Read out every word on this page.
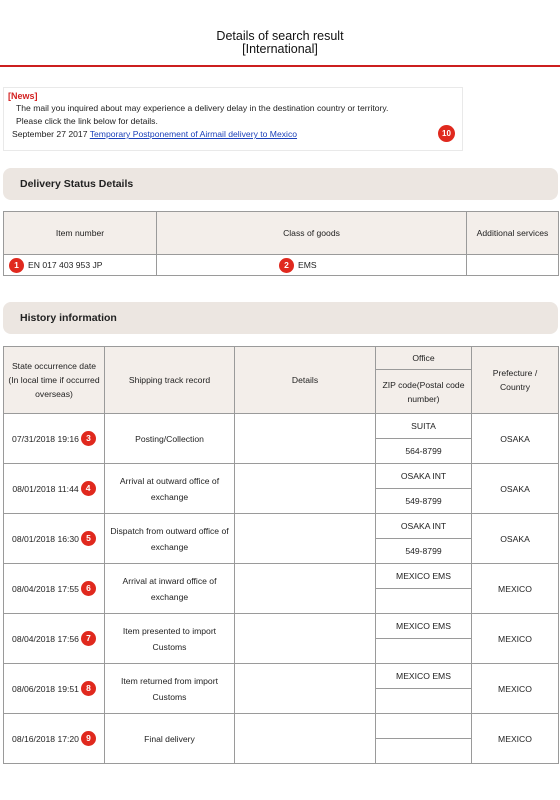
Details of search result
[International]
[News]
The mail you inquired about may experience a delivery delay in the destination country or territory.
Please click the link below for details.
September 27 2017 Temporary Postponement of Airmail delivery to Mexico	10
Delivery Status Details
Item number	Class of goods	Additional services
1 EN 017 403 953 JP	2 EMS	
History information
State occurrence date (In local time if occurred overseas)	Shipping track record	Details	Office	Prefecture / Country
			ZIP code(Postal code number)	

07/31/2018 19:16 3	Posting/Collection		SUITA	OSAKA
			564-8799	

08/01/2018 11:44 4	Arrival at outward office of exchange		OSAKA INT	OSAKA
			549-8799	

08/01/2018 16:30 5	Dispatch from outward office of exchange		OSAKA INT	OSAKA
			549-8799	

08/04/2018 17:55 6	Arrival at inward office of exchange		MEXICO EMS	MEXICO

08/04/2018 17:56 7	Item presented to import Customs		MEXICO EMS	MEXICO

08/06/2018 19:51 8	Item returned from import Customs		MEXICO EMS	MEXICO

08/16/2018 17:20 9	Final delivery			MEXICO
